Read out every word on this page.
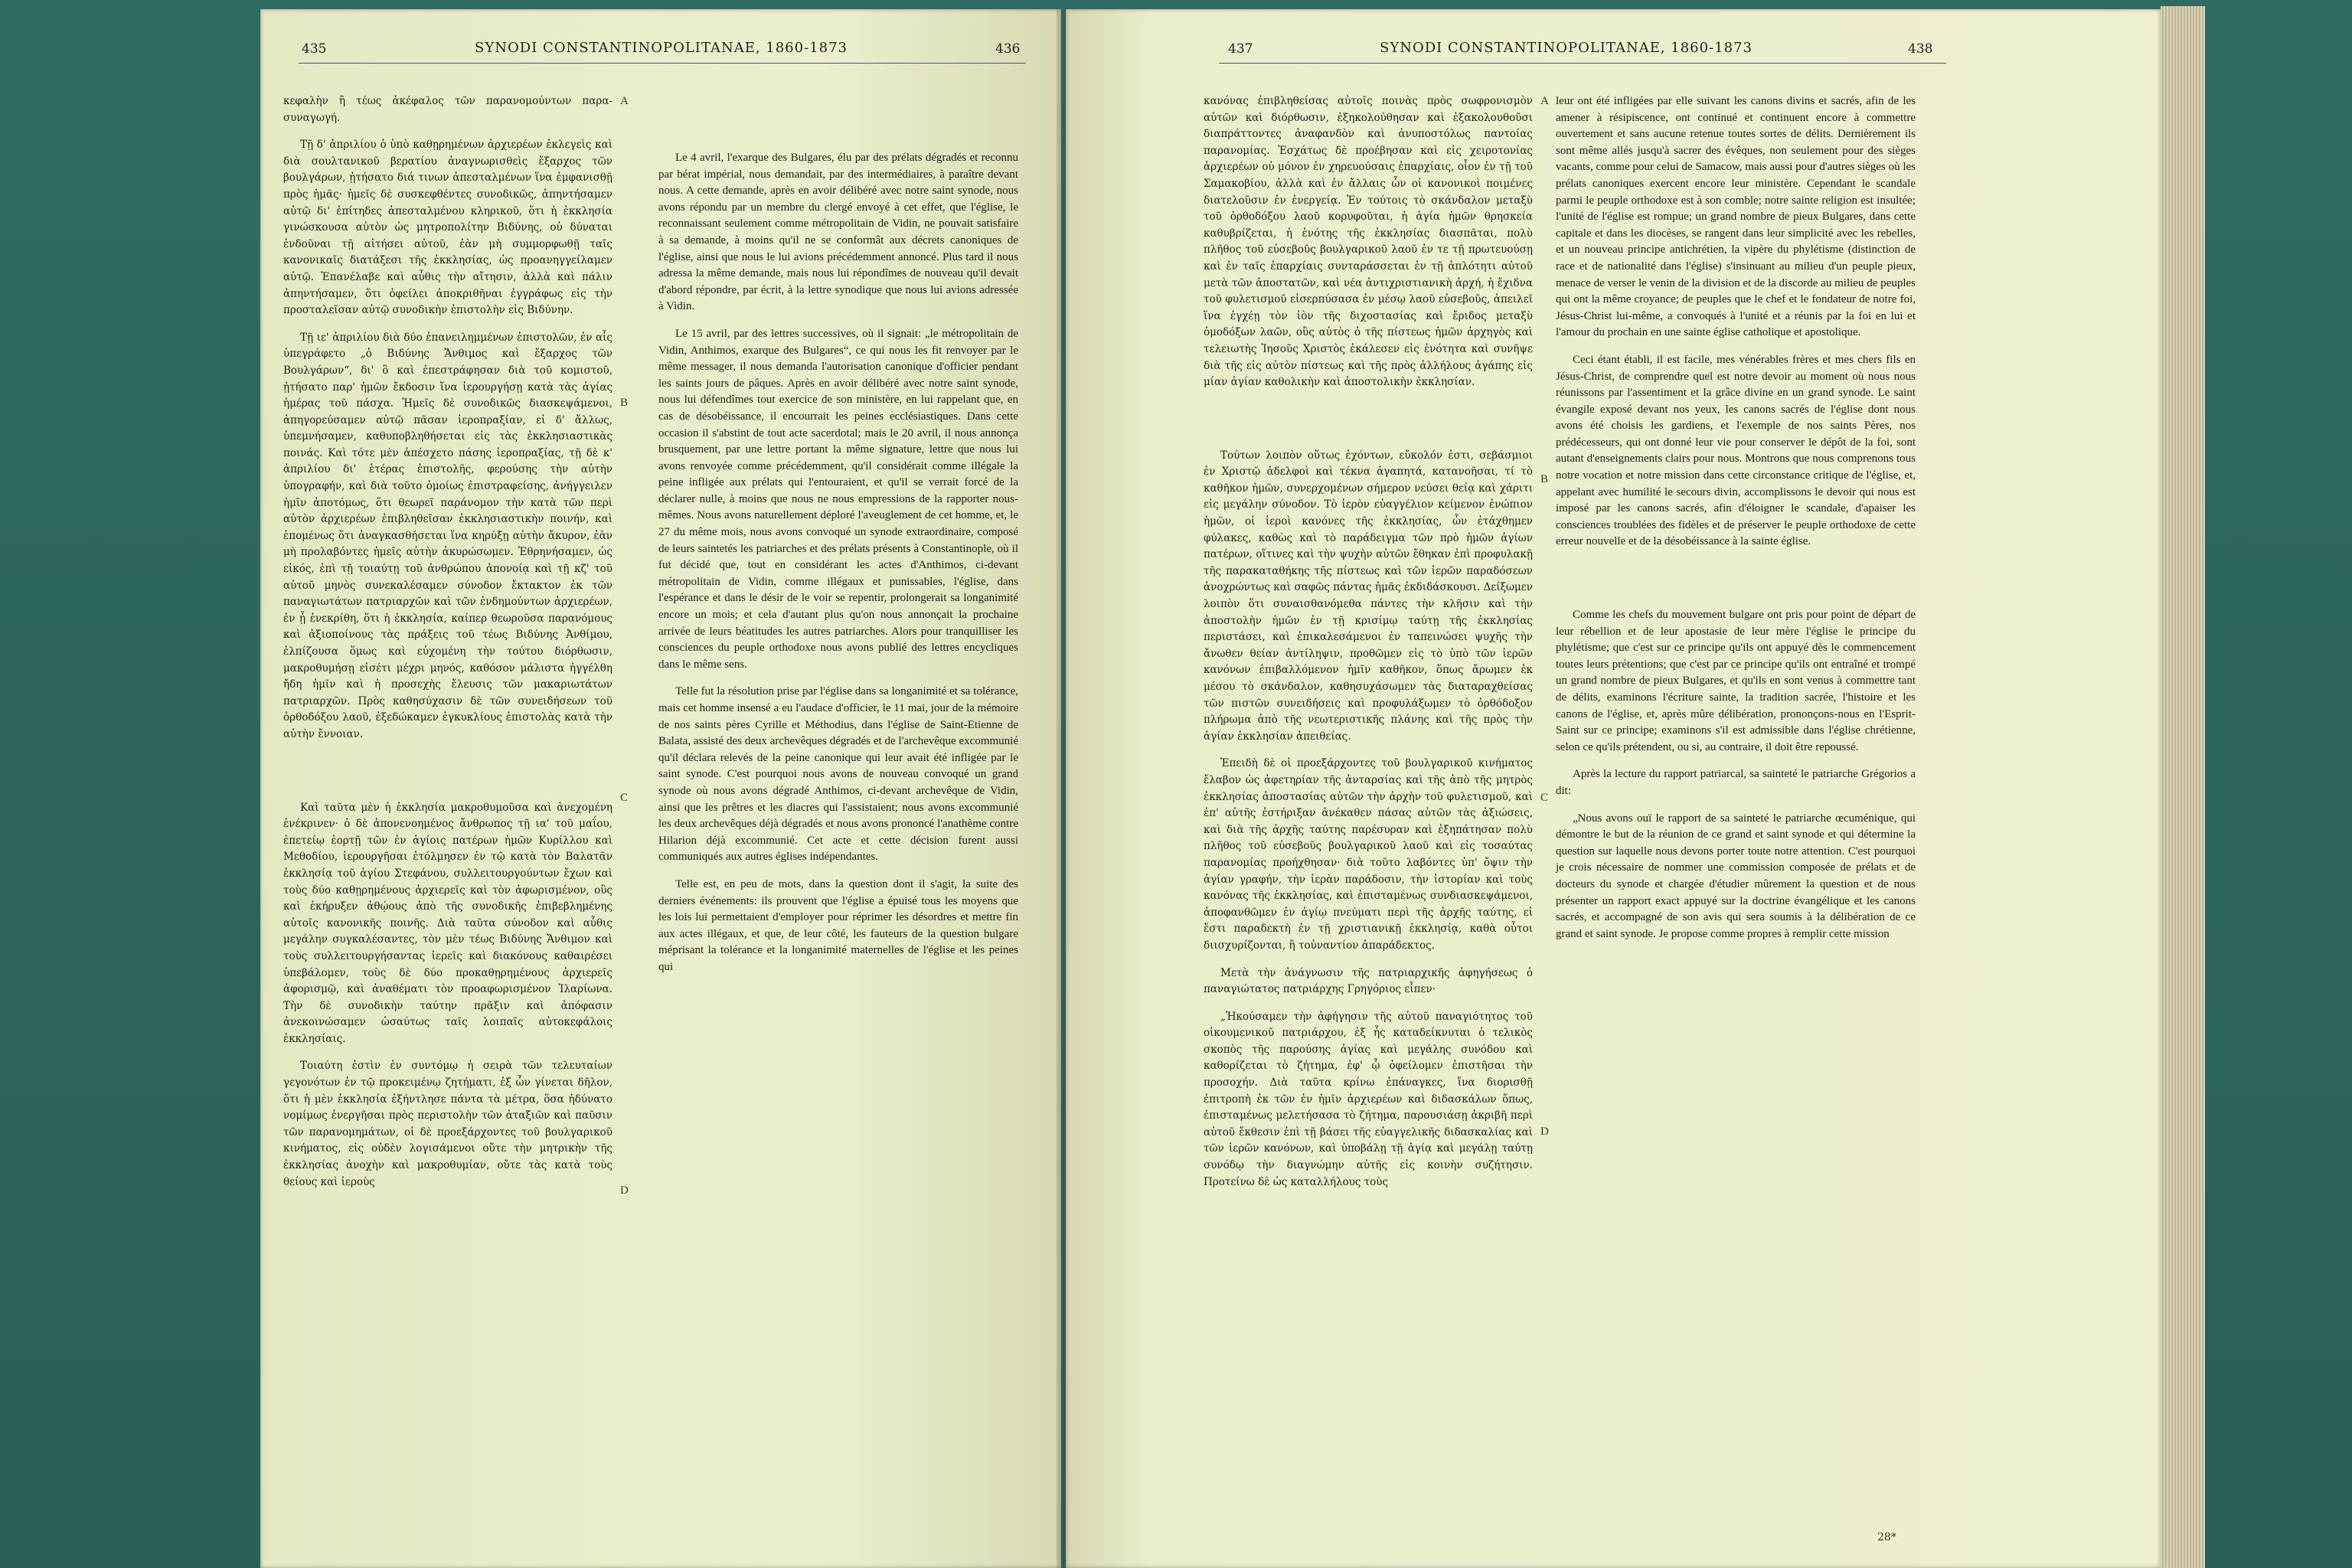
435	SYNODI CONSTANTINOPOLITANAE, 1860-1873	436

κεφαλὴν ἢ τέως ἀκέφαλος τῶν παρανομούντων παρα- συναγωγή.

Τῇ δ' ἀπριλίου ὁ ὑπὸ καθῃρημένων ἀρχιερέων ἐκλεγεὶς καὶ διὰ σουλτανικοῦ βερατίου ἀναγνωρισθεὶς ἔξαρχος τῶν βουλγάρων, ᾐτήσατο διά τινων ἀπεσταλμένων ἵνα ἐμφανισθῇ πρὸς ἡμᾶς· ἡμεῖς δὲ συσκεφθέντες συνοδικῶς, ἀπηντήσαμεν αὐτῷ δι' ἐπίτηδες ἀπεσταλμένου κληρικοῦ, ὅτι ἡ ἐκκλησία γινώσκουσα αὐτὸν ὡς μητροπολίτην Βιδύνης, οὐ δύναται ἐνδοῦναι τῇ αἰτήσει αὐτοῦ, ἐὰν μὴ συμμορφωθῇ ταῖς κανονικαῖς διατάξεσι τῆς ἐκκλησίας, ὡς προανηγγείλαμεν αὐτῷ. Ἐπανέλαβε καὶ αὖθις τὴν αἴτησιν, ἀλλὰ καὶ πάλιν ἀπηντήσαμεν, ὅτι ὀφείλει ἀποκριθῆναι ἐγγράφως εἰς τὴν προσταλεῖσαν αὐτῷ συνοδικὴν ἐπιστολὴν εἰς Βιδύνην.

Τῇ ιε' ἀπριλίου διὰ δύο ἐπανειλημμένων ἐπιστολῶν, ἐν αἷς ὑπεγράφετο „ὁ Βιδύνης Ἄνθιμος καὶ ἔξαρχος τῶν Βουλγάρων“, δι' ὃ καὶ ἐπεστράφησαν διὰ τοῦ κομιστοῦ, ᾐτήσατο παρ' ἡμῶν ἔκδοσιν ἵνα ἱερουργήσῃ κατὰ τὰς ἁγίας ἡμέρας τοῦ πάσχα. Ἡμεῖς δὲ συνοδικῶς διασκεψάμενοι, ἀπηγορεύσαμεν αὐτῷ πᾶσαν ἱεροπραξίαν, εἰ δ' ἄλλως, ὑπεμνήσαμεν, καθυποβληθήσεται εἰς τὰς ἐκκλησιαστικὰς ποινάς. Καὶ τότε μὲν ἀπέσχετο πάσης ἱεροπραξίας, τῇ δὲ κ' ἀπριλίου δι' ἑτέρας ἐπιστολῆς, φερούσης τὴν αὐτὴν ὑπογραφήν, καὶ διὰ τοῦτο ὁμοίως ἐπιστραφείσης, ἀνήγγειλεν ἡμῖν ἀποτόμως, ὅτι θεωρεῖ παράνομον τὴν κατὰ τῶν περὶ αὐτὸν ἀρχιερέων ἐπιβληθεῖσαν ἐκκλησιαστικὴν ποινήν, καὶ ἑπομένως ὅτι ἀναγκασθήσεται ἵνα κηρύξῃ αὐτὴν ἄκυρον, ἐὰν μὴ προλαβόντες ἡμεῖς αὐτὴν ἀκυρώσωμεν. Ἐθρηνήσαμεν, ὡς εἰκός, ἐπὶ τῇ τοιαύτῃ τοῦ ἀνθρώπου ἀπονοίᾳ καὶ τῇ κζ' τοῦ αὐτοῦ μηνὸς συνεκαλέσαμεν σύνοδον ἔκτακτον ἐκ τῶν παναγιωτάτων πατριαρχῶν καὶ τῶν ἐνδημούντων ἀρχιερέων, ἐν ᾗ ἐνεκρίθη, ὅτι ἡ ἐκκλησία, καίπερ θεωροῦσα παρανόμους καὶ ἀξιοποίνους τὰς πράξεις τοῦ τέως Βιδύνης Ἀνθίμου, ἐλπίζουσα ὅμως καὶ εὐχομένη τὴν τούτου διόρθωσιν, μακροθυμήσῃ εἰσέτι μέχρι μηνός, καθόσον μάλιστα ἠγγέλθη ἤδη ἡμῖν καὶ ἡ προσεχὴς ἔλευσις τῶν μακαριωτάτων πατριαρχῶν. Πρὸς καθησύχασιν δὲ τῶν συνειδήσεων τοῦ ὀρθοδόξου λαοῦ, ἐξεδώκαμεν ἐγκυκλίους ἐπιστολὰς κατὰ τὴν αὐτὴν ἔννοιαν.

Καὶ ταῦτα μὲν ἡ ἐκκλησία μακροθυμοῦσα καὶ ἀνεχομένη ἐνέκρινεν· ὁ δὲ ἀπονενοημένος ἄνθρωπος τῇ ια' τοῦ μαΐου, ἐπετείῳ ἑορτῇ τῶν ἐν ἁγίοις πατέρων ἡμῶν Κυρίλλου καὶ Μεθοδίου, ἱερουργῆσαι ἐτόλμησεν ἐν τῷ κατὰ τὸν Βαλατᾶν ἐκκλησίᾳ τοῦ ἁγίου Στεφάνου, συλλειτουργούντων ἔχων καὶ τοὺς δύο καθῃρημένους ἀρχιερεῖς καὶ τὸν ἀφωρισμένον, οὓς καὶ ἐκήρυξεν ἀθῴους ἀπὸ τῆς συνοδικῆς ἐπιβεβλημένης αὐτοῖς κανονικῆς ποινῆς. Διὰ ταῦτα σύνοδον καὶ αὖθις μεγάλην συγκαλέσαντες, τὸν μὲν τέως Βιδύνης Ἄνθιμον καὶ τοὺς συλλειτουργήσαντας ἱερεῖς καὶ διακόνους καθαιρέσει ὑπεβάλομεν, τοὺς δὲ δύο προκαθῃρημένους ἀρχιερεῖς ἀφορισμῷ, καὶ ἀναθέματι τὸν προαφωρισμένον Ἱλαρίωνα. Τὴν δὲ συνοδικὴν ταύτην πρᾶξιν καὶ ἀπόφασιν ἀνεκοινώσαμεν ὡσαύτως ταῖς λοιπαῖς αὐτοκεφάλοις ἐκκλησίαις.

Τοιαύτη ἐστὶν ἐν συντόμῳ ἡ σειρὰ τῶν τελευταίων γεγονότων ἐν τῷ προκειμένῳ ζητήματι, ἐξ ὧν γίνεται δῆλον, ὅτι ἡ μὲν ἐκκλησία ἐξήντλησε πάντα τὰ μέτρα, ὅσα ἠδύνατο νομίμως ἐνεργῆσαι πρὸς περιστολὴν τῶν ἀταξιῶν καὶ παῦσιν τῶν παρανομημάτων, οἱ δὲ προεξάρχοντες τοῦ βουλγαρικοῦ κινήματος, εἰς οὐδὲν λογισάμενοι οὔτε τὴν μητρικὴν τῆς ἐκκλησίας ἀνοχὴν καὶ μακροθυμίαν, οὔτε τὰς κατὰ τοὺς θείους καὶ ἱεροὺς

A
B
C
D

Le 4 avril, l'exarque des Bulgares, élu par des prélats dégradés et reconnu par bérat impérial, nous demandait, par des intermédiaires, à paraître devant nous. A cette demande, après en avoir délibéré avec notre saint synode, nous avons répondu par un membre du clergé envoyé à cet effet, que l'église, le reconnaissant seulement comme métropolitain de Vidin, ne pouvait satisfaire à sa demande, à moins qu'il ne se conformât aux décrets canoniques de l'église, ainsi que nous le lui avions précédemment annoncé. Plus tard il nous adressa la même demande, mais nous lui répondîmes de nouveau qu'il devait d'abord répondre, par écrit, à la lettre synodique que nous lui avions adressée à Vidin.

Le 15 avril, par des lettres successives, où il signait: „le métropolitain de Vidin, Anthimos, exarque des Bulgares“, ce qui nous les fit renvoyer par le même messager, il nous demanda l'autorisation canonique d'officier pendant les saints jours de pâques. Après en avoir délibéré avec notre saint synode, nous lui défendîmes tout exercice de son ministère, en lui rappelant que, en cas de désobéissance, il encourrait les peines ecclésiastiques. Dans cette occasion il s'abstint de tout acte sacerdotal; mais le 20 avril, il nous annonça brusquement, par une lettre portant la même signature, lettre que nous lui avons renvoyée comme précédemment, qu'il considérait comme illégale la peine infligée aux prélats qui l'entouraient, et qu'il se verrait forcé de la déclarer nulle, à moins que nous ne nous empressions de la rapporter nous-mêmes. Nous avons naturellement déploré l'aveuglement de cet homme, et, le 27 du même mois, nous avons convoqué un synode extraordinaire, composé de leurs saintetés les patriarches et des prélats présents à Constantinople, où il fut décidé que, tout en considérant les actes d'Anthimos, ci-devant métropolitain de Vidin, comme illégaux et punissables, l'église, dans l'espérance et dans le désir de le voir se repentir, prolongerait sa longanimité encore un mois; et cela d'autant plus qu'on nous annonçait la prochaine arrivée de leurs béatitudes les autres patriarches. Alors pour tranquilliser les consciences du peuple orthodoxe nous avons publié des lettres encycliques dans le même sens.

Telle fut la résolution prise par l'église dans sa longanimité et sa tolérance, mais cet homme insensé a eu l'audace d'officier, le 11 mai, jour de la mémoire de nos saints pères Cyrille et Méthodius, dans l'église de Saint-Etienne de Balata, assisté des deux archevêques dégradés et de l'archevêque excommunié qu'il déclara relevés de la peine canonique qui leur avait été infligée par le saint synode. C'est pourquoi nous avons de nouveau convoqué un grand synode où nous avons dégradé Anthimos, ci-devant archevêque de Vidin, ainsi que les prêtres et les diacres qui l'assistaient; nous avons excommunié les deux archevêques déjà dégradés et nous avons prononcé l'anathème contre Hilarion déjà excommunié. Cet acte et cette décision furent aussi communiqués aux autres églises indépendantes.

Telle est, en peu de mots, dans la question dont il s'agit, la suite des derniers événements: ils prouvent que l'église a épuisé tous les moyens que les lois lui permettaient d'employer pour réprimer les désordres et mettre fin aux actes illégaux, et que, de leur côté, les fauteurs de la question bulgare méprisant la tolérance et la longanimité maternelles de l'église et les peines qui

437	SYNODI CONSTANTINOPOLITANAE, 1860-1873	438

κανόνας ἐπιβληθείσας αὐτοῖς ποινὰς πρὸς σωφρονισμὸν αὐτῶν καὶ διόρθωσιν, ἐξηκολούθησαν καὶ ἐξακολουθοῦσι διαπράττοντες ἀναφανδὸν καὶ ἀνυποστόλως παντοίας παρανομίας. Ἐσχάτως δὲ προέβησαν καὶ εἰς χειροτονίας ἀρχιερέων οὐ μόνον ἐν χηρευούσαις ἐπαρχίαις, οἷον ἐν τῇ τοῦ Σαμακοβίου, ἀλλὰ καὶ ἐν ἄλλαις ὧν οἱ κανονικοὶ ποιμένες διατελοῦσιν ἐν ἐνεργείᾳ. Ἐν τούτοις τὸ σκάνδαλον μεταξὺ τοῦ ὀρθοδόξου λαοῦ κορυφοῦται, ἡ ἁγία ἡμῶν θρησκεία καθυβρίζεται, ἡ ἑνότης τῆς ἐκκλησίας διασπᾶται, πολὺ πλῆθος τοῦ εὐσεβοῦς βουλγαρικοῦ λαοῦ ἐν τε τῇ πρωτευούσῃ καὶ ἐν ταῖς ἐπαρχίαις συνταράσσεται ἐν τῇ ἁπλότητι αὐτοῦ μετὰ τῶν ἀποστατῶν, καὶ νέα ἀντιχριστιανικὴ ἀρχή, ἡ ἔχιδνα τοῦ φυλετισμοῦ εἰσερπύσασα ἐν μέσῳ λαοῦ εὐσεβοῦς, ἀπειλεῖ ἵνα ἐγχέῃ τὸν ἰὸν τῆς διχοστασίας καὶ ἔριδος μεταξὺ ὁμοδόξων λαῶν, οὓς αὐτὸς ὁ τῆς πίστεως ἡμῶν ἀρχηγὸς καὶ τελειωτὴς Ἰησοῦς Χριστὸς ἐκάλεσεν εἰς ἑνότητα καὶ συνῆψε διὰ τῆς εἰς αὐτὸν πίστεως καὶ τῆς πρὸς ἀλλήλους ἀγάπης εἰς μίαν ἁγίαν καθολικὴν καὶ ἀποστολικὴν ἐκκλησίαν.

Τούτων λοιπὸν οὕτως ἐχόντων, εὔκολόν ἐστι, σεβάσμιοι ἐν Χριστῷ ἀδελφοὶ καὶ τέκνα ἀγαπητά, κατανοῆσαι, τί τὸ καθῆκον ἡμῶν, συνερχομένων σήμερον νεύσει θείᾳ καὶ χάριτι εἰς μεγάλην σύνοδον. Τὸ ἱερὸν εὐαγγέλιον κείμενον ἐνώπιον ἡμῶν, οἱ ἱεροὶ κανόνες τῆς ἐκκλησίας, ὧν ἐτάχθημεν φύλακες, καθὼς καὶ τὸ παράδειγμα τῶν πρὸ ἡμῶν ἁγίων πατέρων, οἵτινες καὶ τὴν ψυχὴν αὐτῶν ἔθηκαν ἐπὶ προφυλακῇ τῆς παρακαταθήκης τῆς πίστεως καὶ τῶν ἱερῶν παραδόσεων ἀνοχρώντως καὶ σαφῶς πάντας ἡμᾶς ἐκδιδάσκουσι. Δείξωμεν λοιπὸν ὅτι συναισθανόμεθα πάντες τὴν κλῆσιν καὶ τὴν ἀποστολὴν ἡμῶν ἐν τῇ κρισίμῳ ταύτῃ τῆς ἐκκλησίας περιστάσει, καὶ ἐπικαλεσάμενοι ἐν ταπεινώσει ψυχῆς τὴν ἄνωθεν θείαν ἀντίληψιν, προθῶμεν εἰς τὸ ὑπὸ τῶν ἱερῶν κανόνων ἐπιβαλλόμενον ἡμῖν καθῆκον, ὅπως ἄρωμεν ἐκ μέσου τὸ σκάνδαλον, καθησυχάσωμεν τὰς διαταραχθείσας τῶν πιστῶν συνειδήσεις καὶ προφυλάξωμεν τὸ ὀρθόδοξον πλήρωμα ἀπὸ τῆς νεωτεριστικῆς πλάνης καὶ τῆς πρὸς τὴν ἁγίαν ἐκκλησίαν ἀπειθείας.

Ἐπειδὴ δὲ οἱ προεξάρχοντες τοῦ βουλγαρικοῦ κινήματος ἔλαβον ὡς ἀφετηρίαν τῆς ἀνταρσίας καὶ τῆς ἀπὸ τῆς μητρὸς ἐκκλησίας ἀποστασίας αὐτῶν τὴν ἀρχὴν τοῦ φυλετισμοῦ, καὶ ἐπ' αὐτῆς ἐστήριξαν ἀνέκαθεν πάσας αὐτῶν τὰς ἀξιώσεις, καὶ διὰ τῆς ἀρχῆς ταύτης παρέσυραν καὶ ἐξηπάτησαν πολὺ πλῆθος τοῦ εὐσεβοῦς βουλγαρικοῦ λαοῦ καὶ εἰς τοσαύτας παρανομίας προήχθησαν· διὰ τοῦτο λαβόντες ὑπ' ὄψιν τὴν ἁγίαν γραφήν, τὴν ἱερὰν παράδοσιν, τὴν ἱστορίαν καὶ τοὺς κανόνας τῆς ἐκκλησίας, καὶ ἐπισταμένως συνδιασκεψάμενοι, ἀποφανθῶμεν ἐν ἁγίῳ πνεύματι περὶ τῆς ἀρχῆς ταύτης, εἰ ἔστι παραδεκτὴ ἐν τῇ χριστιανικῇ ἐκκλησίᾳ, καθὰ οὗτοι διισχυρίζονται, ἢ τοὐναντίον ἀπαράδεκτος.

Μετὰ τὴν ἀνάγνωσιν τῆς πατριαρχικῆς ἀφηγήσεως ὁ παναγιώτατος πατριάρχης Γρηγόριος εἶπεν·

„Ἠκούσαμεν τὴν ἀφήγησιν τῆς αὐτοῦ παναγιότητος τοῦ οἰκουμενικοῦ πατριάρχου, ἐξ ἧς καταδείκνυται ὁ τελικὸς σκοπὸς τῆς παρούσης ἁγίας καὶ μεγάλης συνόδου καὶ καθορίζεται τὸ ζήτημα, ἐφ' ᾧ ὀφείλομεν ἐπιστῆσαι τὴν προσοχήν. Διὰ ταῦτα κρίνω ἐπάναγκες, ἵνα διορισθῇ ἐπιτροπὴ ἐκ τῶν ἐν ἡμῖν ἀρχιερέων καὶ διδασκάλων ὅπως, ἐπισταμένως μελετήσασα τὸ ζήτημα, παρουσιάσῃ ἀκριβῆ περὶ αὐτοῦ ἔκθεσιν ἐπὶ τῇ βάσει τῆς εὐαγγελικῆς διδασκαλίας καὶ τῶν ἱερῶν κανόνων, καὶ ὑποβάλῃ τῇ ἁγίᾳ καὶ μεγάλῃ ταύτῃ συνόδῳ τὴν διαγνώμην αὐτῆς εἰς κοινὴν συζήτησιν. Προτείνω δὲ ὡς καταλλήλους τοὺς

A
B
C
D

leur ont été infligées par elle suivant les canons divins et sacrés, afin de les amener à résipiscence, ont continué et continuent encore à commettre ouvertement et sans aucune retenue toutes sortes de délits. Dernièrement ils sont même allés jusqu'à sacrer des évêques, non seulement pour des sièges vacants, comme pour celui de Samacow, mais aussi pour d'autres sièges où les prélats canoniques exercent encore leur ministère. Cependant le scandale parmi le peuple orthodoxe est à son comble; notre sainte religion est insultée; l'unité de l'église est rompue; un grand nombre de pieux Bulgares, dans cette capitale et dans les diocèses, se rangent dans leur simplicité avec les rebelles, et un nouveau principe antichrétien, la vipère du phylétisme (distinction de race et de nationalité dans l'église) s'insinuant au milieu d'un peuple pieux, menace de verser le venin de la division et de la discorde au milieu de peuples qui ont la même croyance; de peuples que le chef et le fondateur de notre foi, Jésus-Christ lui-même, a convoqués à l'unité et a réunis par la foi en lui et l'amour du prochain en une sainte église catholique et apostolique.

Ceci étant établi, il est facile, mes vénérables frères et mes chers fils en Jésus-Christ, de comprendre quel est notre devoir au moment où nous nous réunissons par l'assentiment et la grâce divine en un grand synode. Le saint évangile exposé devant nos yeux, les canons sacrés de l'église dont nous avons été choisis les gardiens, et l'exemple de nos saints Pères, nos prédécesseurs, qui ont donné leur vie pour conserver le dépôt de la foi, sont autant d'enseignements clairs pour nous. Montrons que nous comprenons tous notre vocation et notre mission dans cette circonstance critique de l'église, et, appelant avec humilité le secours divin, accomplissons le devoir qui nous est imposé par les canons sacrés, afin d'éloigner le scandale, d'apaiser les consciences troublées des fidèles et de préserver le peuple orthodoxe de cette erreur nouvelle et de la désobéissance à la sainte église.

Comme les chefs du mouvement bulgare ont pris pour point de départ de leur rébellion et de leur apostasie de leur mère l'église le principe du phylétisme; que c'est sur ce principe qu'ils ont appuyé dès le commencement toutes leurs prétentions; que c'est par ce principe qu'ils ont entraîné et trompé un grand nombre de pieux Bulgares, et qu'ils en sont venus à commettre tant de délits, examinons l'écriture sainte, la tradition sacrée, l'histoire et les canons de l'église, et, après mûre délibération, prononçons-nous en l'Esprit-Saint sur ce principe; examinons s'il est admissible dans l'église chrétienne, selon ce qu'ils prétendent, ou si, au contraire, il doit être repoussé.

Après la lecture du rapport patriarcal, sa sainteté le patriarche Grégorios a dit:

„Nous avons ouï le rapport de sa sainteté le patriarche œcuménique, qui démontre le but de la réunion de ce grand et saint synode et qui détermine la question sur laquelle nous devons porter toute notre attention. C'est pourquoi je crois nécessaire de nommer une commission composée de prélats et de docteurs du synode et chargée d'étudier mûrement la question et de nous présenter un rapport exact appuyé sur la doctrine évangélique et les canons sacrés, et accompagné de son avis qui sera soumis à la délibération de ce grand et saint synode. Je propose comme propres à remplir cette mission

28*
